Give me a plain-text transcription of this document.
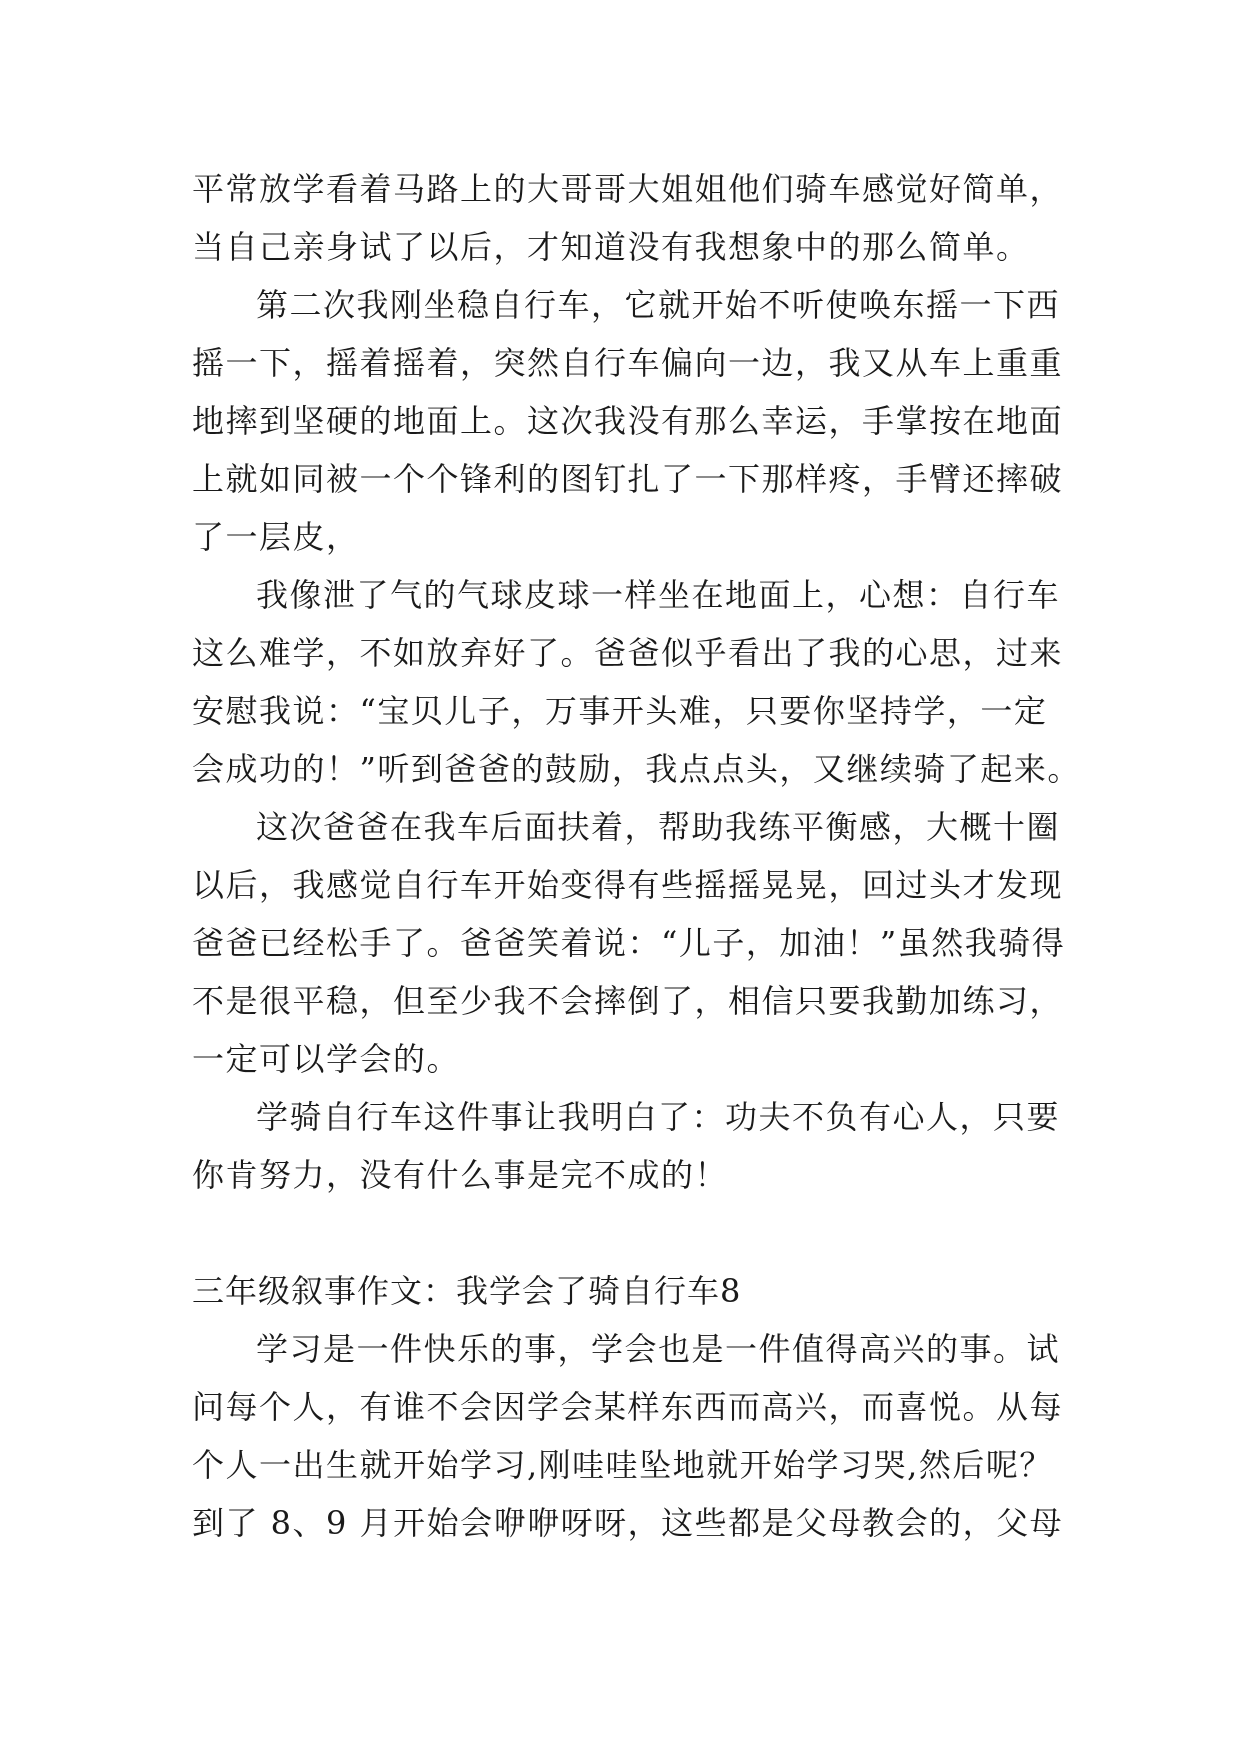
平常放学看着马路上的大哥哥大姐姐他们骑车感觉好简单，
当自己亲身试了以后，才知道没有我想象中的那么简单。
第二次我刚坐稳自行车，它就开始不听使唤东摇一下西
摇一下，摇着摇着，突然自行车偏向一边，我又从车上重重
地摔到坚硬的地面上。这次我没有那么幸运，手掌按在地面
上就如同被一个个锋利的图钉扎了一下那样疼，手臂还摔破
了一层皮，
我像泄了气的气球皮球一样坐在地面上，心想：自行车
这么难学，不如放弃好了。爸爸似乎看出了我的心思，过来
安慰我说：“宝贝儿子，万事开头难，只要你坚持学，一定
会成功的！”听到爸爸的鼓励，我点点头，又继续骑了起来。
这次爸爸在我车后面扶着，帮助我练平衡感，大概十圈
以后，我感觉自行车开始变得有些摇摇晃晃，回过头才发现
爸爸已经松手了。爸爸笑着说：“儿子，加油！”虽然我骑得
不是很平稳，但至少我不会摔倒了，相信只要我勤加练习，
一定可以学会的。
学骑自行车这件事让我明白了：功夫不负有心人，只要
你肯努力，没有什么事是完不成的！
三年级叙事作文：我学会了骑自行车8
学习是一件快乐的事，学会也是一件值得高兴的事。试
问每个人，有谁不会因学会某样东西而高兴，而喜悦。从每
个人一出生就开始学习,刚哇哇坠地就开始学习哭,然后呢？
到了 8、9 月开始会咿咿呀呀，这些都是父母教会的，父母
